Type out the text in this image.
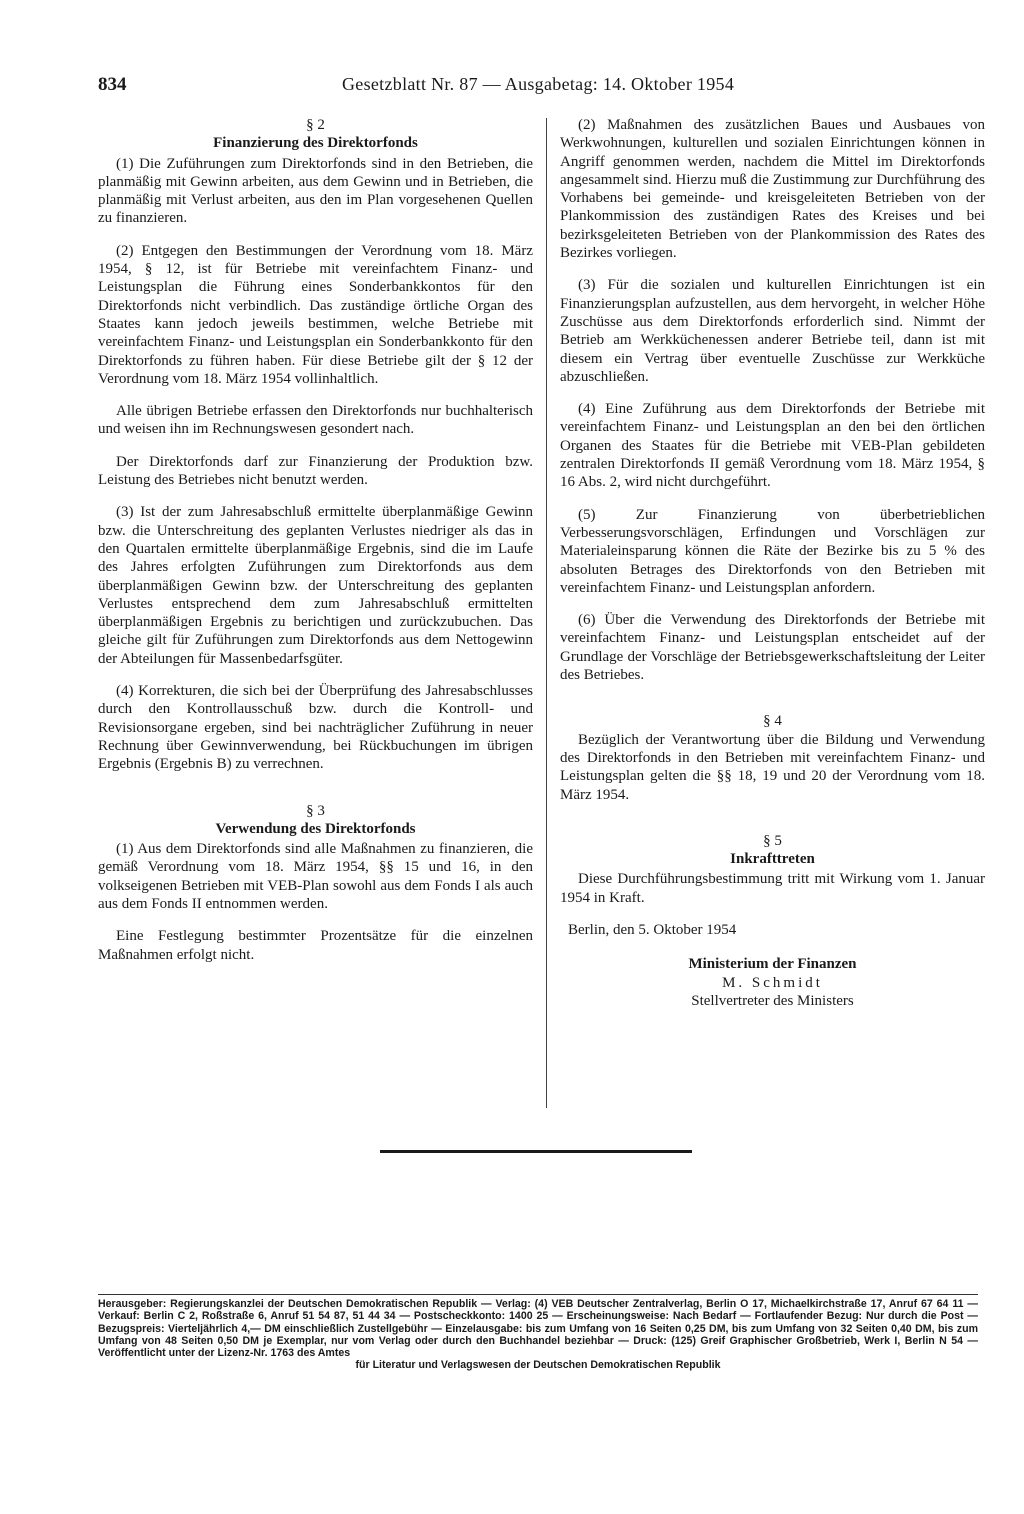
834	Gesetzblatt Nr. 87 — Ausgabetag: 14. Oktober 1954

§ 2

Finanzierung des Direktorfonds

(1) Die Zuführungen zum Direktorfonds sind in den Betrieben, die planmäßig mit Gewinn arbeiten, aus dem Gewinn und in Betrieben, die planmäßig mit Verlust arbeiten, aus den im Plan vorgesehenen Quellen zu finanzieren.

(2) Entgegen den Bestimmungen der Verordnung vom 18. März 1954, § 12, ist für Betriebe mit vereinfachtem Finanz- und Leistungsplan die Führung eines Sonderbankkontos für den Direktorfonds nicht verbindlich. Das zuständige örtliche Organ des Staates kann jedoch jeweils bestimmen, welche Betriebe mit vereinfachtem Finanz- und Leistungsplan ein Sonderbankkonto für den Direktorfonds zu führen haben. Für diese Betriebe gilt der § 12 der Verordnung vom 18. März 1954 vollinhaltlich.

Alle übrigen Betriebe erfassen den Direktorfonds nur buchhalterisch und weisen ihn im Rechnungswesen gesondert nach.

Der Direktorfonds darf zur Finanzierung der Produktion bzw. Leistung des Betriebes nicht benutzt werden.

(3) Ist der zum Jahresabschluß ermittelte überplanmäßige Gewinn bzw. die Unterschreitung des geplanten Verlustes niedriger als das in den Quartalen ermittelte überplanmäßige Ergebnis, sind die im Laufe des Jahres erfolgten Zuführungen zum Direktorfonds aus dem überplanmäßigen Gewinn bzw. der Unterschreitung des geplanten Verlustes entsprechend dem zum Jahresabschluß ermittelten überplanmäßigen Ergebnis zu berichtigen und zurückzubuchen. Das gleiche gilt für Zuführungen zum Direktorfonds aus dem Nettogewinn der Abteilungen für Massenbedarfsgüter.

(4) Korrekturen, die sich bei der Überprüfung des Jahresabschlusses durch den Kontrollausschuß bzw. durch die Kontroll- und Revisionsorgane ergeben, sind bei nachträglicher Zuführung in neuer Rechnung über Gewinnverwendung, bei Rückbuchungen im übrigen Ergebnis (Ergebnis B) zu verrechnen.

§ 3

Verwendung des Direktorfonds

(1) Aus dem Direktorfonds sind alle Maßnahmen zu finanzieren, die gemäß Verordnung vom 18. März 1954, §§ 15 und 16, in den volkseigenen Betrieben mit VEB-Plan sowohl aus dem Fonds I als auch aus dem Fonds II entnommen werden.

Eine Festlegung bestimmter Prozentsätze für die einzelnen Maßnahmen erfolgt nicht.

(2) Maßnahmen des zusätzlichen Baues und Ausbaues von Werkwohnungen, kulturellen und sozialen Einrichtungen können in Angriff genommen werden, nachdem die Mittel im Direktorfonds angesammelt sind. Hierzu muß die Zustimmung zur Durchführung des Vorhabens bei gemeinde- und kreisgeleiteten Betrieben von der Plankommission des zuständigen Rates des Kreises und bei bezirksgeleiteten Betrieben von der Plankommission des Rates des Bezirkes vorliegen.

(3) Für die sozialen und kulturellen Einrichtungen ist ein Finanzierungsplan aufzustellen, aus dem hervorgeht, in welcher Höhe Zuschüsse aus dem Direktorfonds erforderlich sind. Nimmt der Betrieb am Werkküchenessen anderer Betriebe teil, dann ist mit diesem ein Vertrag über eventuelle Zuschüsse zur Werkküche abzuschließen.

(4) Eine Zuführung aus dem Direktorfonds der Betriebe mit vereinfachtem Finanz- und Leistungsplan an den bei den örtlichen Organen des Staates für die Betriebe mit VEB-Plan gebildeten zentralen Direktorfonds II gemäß Verordnung vom 18. März 1954, § 16 Abs. 2, wird nicht durchgeführt.

(5) Zur Finanzierung von überbetrieblichen Verbesserungsvorschlägen, Erfindungen und Vorschlägen zur Materialeinsparung können die Räte der Bezirke bis zu 5 % des absoluten Betrages des Direktorfonds von den Betrieben mit vereinfachtem Finanz- und Leistungsplan anfordern.

(6) Über die Verwendung des Direktorfonds der Betriebe mit vereinfachtem Finanz- und Leistungsplan entscheidet auf der Grundlage der Vorschläge der Betriebsgewerkschaftsleitung der Leiter des Betriebes.

§ 4

Bezüglich der Verantwortung über die Bildung und Verwendung des Direktorfonds in den Betrieben mit vereinfachtem Finanz- und Leistungsplan gelten die §§ 18, 19 und 20 der Verordnung vom 18. März 1954.

§ 5

Inkrafttreten

Diese Durchführungsbestimmung tritt mit Wirkung vom 1. Januar 1954 in Kraft.

Berlin, den 5. Oktober 1954

Ministerium der Finanzen

M. Schmidt

Stellvertreter des Ministers

Herausgeber: Regierungskanzlei der Deutschen Demokratischen Republik — Verlag: (4) VEB Deutscher Zentralverlag, Berlin O 17, Michaelkirchstraße 17, Anruf 67 64 11 — Verkauf: Berlin C 2, Roßstraße 6, Anruf 51 54 87, 51 44 34 — Postscheckkonto: 1400 25 — Erscheinungsweise: Nach Bedarf — Fortlaufender Bezug: Nur durch die Post — Bezugspreis: Vierteljährlich 4,— DM einschließlich Zustellgebühr — Einzelausgabe: bis zum Umfang von 16 Seiten 0,25 DM, bis zum Umfang von 32 Seiten 0,40 DM, bis zum Umfang von 48 Seiten 0,50 DM je Exemplar, nur vom Verlag oder durch den Buchhandel beziehbar — Druck: (125) Greif Graphischer Großbetrieb, Werk I, Berlin N 54 — Veröffentlicht unter der Lizenz-Nr. 1763 des Amtes
für Literatur und Verlagswesen der Deutschen Demokratischen Republik
